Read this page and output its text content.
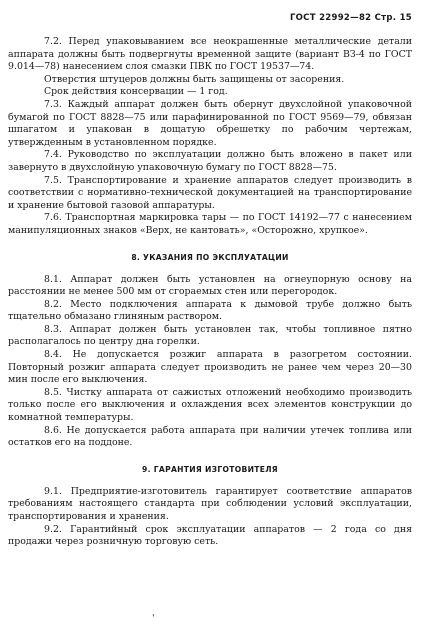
ГОСТ 22992—82 Стр. 15

7.2. Перед упаковыванием все неокрашенные металлические детали аппарата должны быть подвергнуты временной защите (вариант ВЗ-4 по ГОСТ 9.014—78) нанесением слоя смазки ПВК по ГОСТ 19537—74.

Отверстия штуцеров должны быть защищены от засорения.

Срок действия консервации — 1 год.

7.3. Каждый аппарат должен быть обернут двухслойной упаковочной бумагой по ГОСТ 8828—75 или парафинированной по ГОСТ 9569—79, обвязан шпагатом и упакован в дощатую обрешетку по рабочим чертежам, утвержденным в установленном порядке.

7.4. Руководство по эксплуатации должно быть вложено в пакет или завернуто в двухслойную упаковочную бумагу по ГОСТ 8828—75.

7.5. Транспортирование и хранение аппаратов следует производить в соответствии с нормативно-технической документацией на транспортирование и хранение бытовой газовой аппаратуры.

7.6. Транспортная маркировка тары — по ГОСТ 14192—77 с нанесением манипуляционных знаков «Верх, не кантовать», «Осторожно, хрупкое».

8. УКАЗАНИЯ ПО ЭКСПЛУАТАЦИИ

8.1. Аппарат должен быть установлен на огнеупорную основу на расстоянии не менее 500 мм от сгораемых стен или перегородок.

8.2. Место подключения аппарата к дымовой трубе должно быть тщательно обмазано глиняным раствором.

8.3. Аппарат должен быть установлен так, чтобы топливное пятно располагалось по центру дна горелки.

8.4. Не допускается розжиг аппарата в разогретом состоянии. Повторный розжиг аппарата следует производить не ранее чем через 20—30 мин после его выключения.

8.5. Чистку аппарата от сажистых отложений необходимо производить только после его выключения и охлаждения всех элементов конструкции до комнатной температуры.

8.6. Не допускается работа аппарата при наличии утечек топлива или остатков его на поддоне.

9. ГАРАНТИЯ ИЗГОТОВИТЕЛЯ

9.1. Предприятие-изготовитель гарантирует соответствие аппаратов требованиям настоящего стандарта при соблюдении условий эксплуатации, транспортирования и хранения.

9.2. Гарантийный срок эксплуатации аппаратов — 2 года со дня продажи через розничную торговую сеть.

'
